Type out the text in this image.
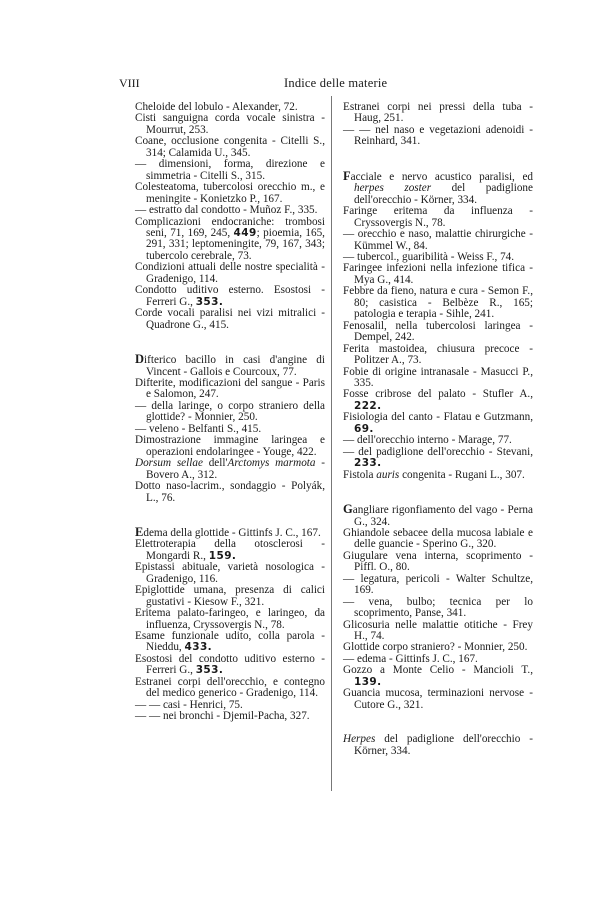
VIII	Indice delle materie

Cheloide del lobulo - Alexander, 72.

Cisti sanguigna corda vocale sinistra - Mourrut, 253.

Coane, occlusione congenita - Citelli S., 314; Calamida U., 345.

— dimensioni, forma, direzione e simmetria - Citelli S., 315.

Colesteatoma, tubercolosi orecchio m., e meningite - Konietzko P., 167.

— estratto dal condotto - Muñoz F., 335.

Complicazioni endocraniche: trombosi seni, 71, 169, 245, 449; pioemia, 165, 291, 331; leptomeningite, 79, 167, 343; tubercolo cerebrale, 73.

Condizioni attuali delle nostre specialità - Gradenigo, 114.

Condotto uditivo esterno. Esostosi - Ferreri G., 353.

Corde vocali paralisi nei vizi mitralici - Quadrone G., 415.

Difterico bacillo in casi d'angine di Vincent - Gallois e Courcoux, 77.

Difterite, modificazioni del sangue - Paris e Salomon, 247.

— della laringe, o corpo straniero della glottide? - Monnier, 250.

— veleno - Belfanti S., 415.

Dimostrazione immagine laringea e operazioni endolaringee - Youge, 422.

Dorsum sellae dell'Arctomys marmota - Bovero A., 312.

Dotto naso-lacrim., sondaggio - Polyák, L., 76.

Edema della glottide - Gittinfs J. C., 167.

Elettroterapia della otosclerosi - Mongardi R., 159.

Epistassi abituale, varietà nosologica - Gradenigo, 116.

Epiglottide umana, presenza di calici gustativi - Kiesow F., 321.

Eritema palato-faringeo, e laringeo, da influenza, Cryssovergis N., 78.

Esame funzionale udito, colla parola - Nieddu, 433.

Esostosi del condotto uditivo esterno - Ferreri G., 353.

Estranei corpi dell'orecchio, e contegno del medico generico - Gradenigo, 114.

— — casi - Henrici, 75.

— — nei bronchi - Djemil-Pacha, 327.

Estranei corpi nei pressi della tuba - Haug, 251.

— — nel naso e vegetazioni adenoidi - Reinhard, 341.

Facciale e nervo acustico paralisi, ed herpes zoster del padiglione dell'orecchio - Körner, 334.

Faringe eritema da influenza - Cryssovergis N., 78.

— orecchio e naso, malattie chirurgiche - Kümmel W., 84.

— tubercol., guaribilità - Weiss F., 74.

Faringee infezioni nella infezione tifica - Mya G., 414.

Febbre da fieno, natura e cura - Semon F., 80; casistica - Belbèze R., 165; patologia e terapia - Sihle, 241.

Fenosalil, nella tubercolosi laringea - Dempel, 242.

Ferita mastoidea, chiusura precoce - Politzer A., 73.

Fobie di origine intranasale - Masucci P., 335.

Fosse cribrose del palato - Stufler A., 222.

Fisiologia del canto - Flatau e Gutzmann, 69.

— dell'orecchio interno - Marage, 77.

— del padiglione dell'orecchio - Stevani, 233.

Fistola auris congenita - Rugani L., 307.

Gangliare rigonfiamento del vago - Perna G., 324.

Ghiandole sebacee della mucosa labiale e delle guancie - Sperino G., 320.

Giugulare vena interna, scoprimento - Piffl. O., 80.

— legatura, pericoli - Walter Schultze, 169.

— vena, bulbo; tecnica per lo scoprimento, Panse, 341.

Glicosuria nelle malattie otitiche - Frey H., 74.

Glottide corpo straniero? - Monnier, 250.

— edema - Gittinfs J. C., 167.

Gozzo a Monte Celio - Mancioli T., 139.

Guancia mucosa, terminazioni nervose - Cutore G., 321.

Herpes del padiglione dell'orecchio - Körner, 334.
